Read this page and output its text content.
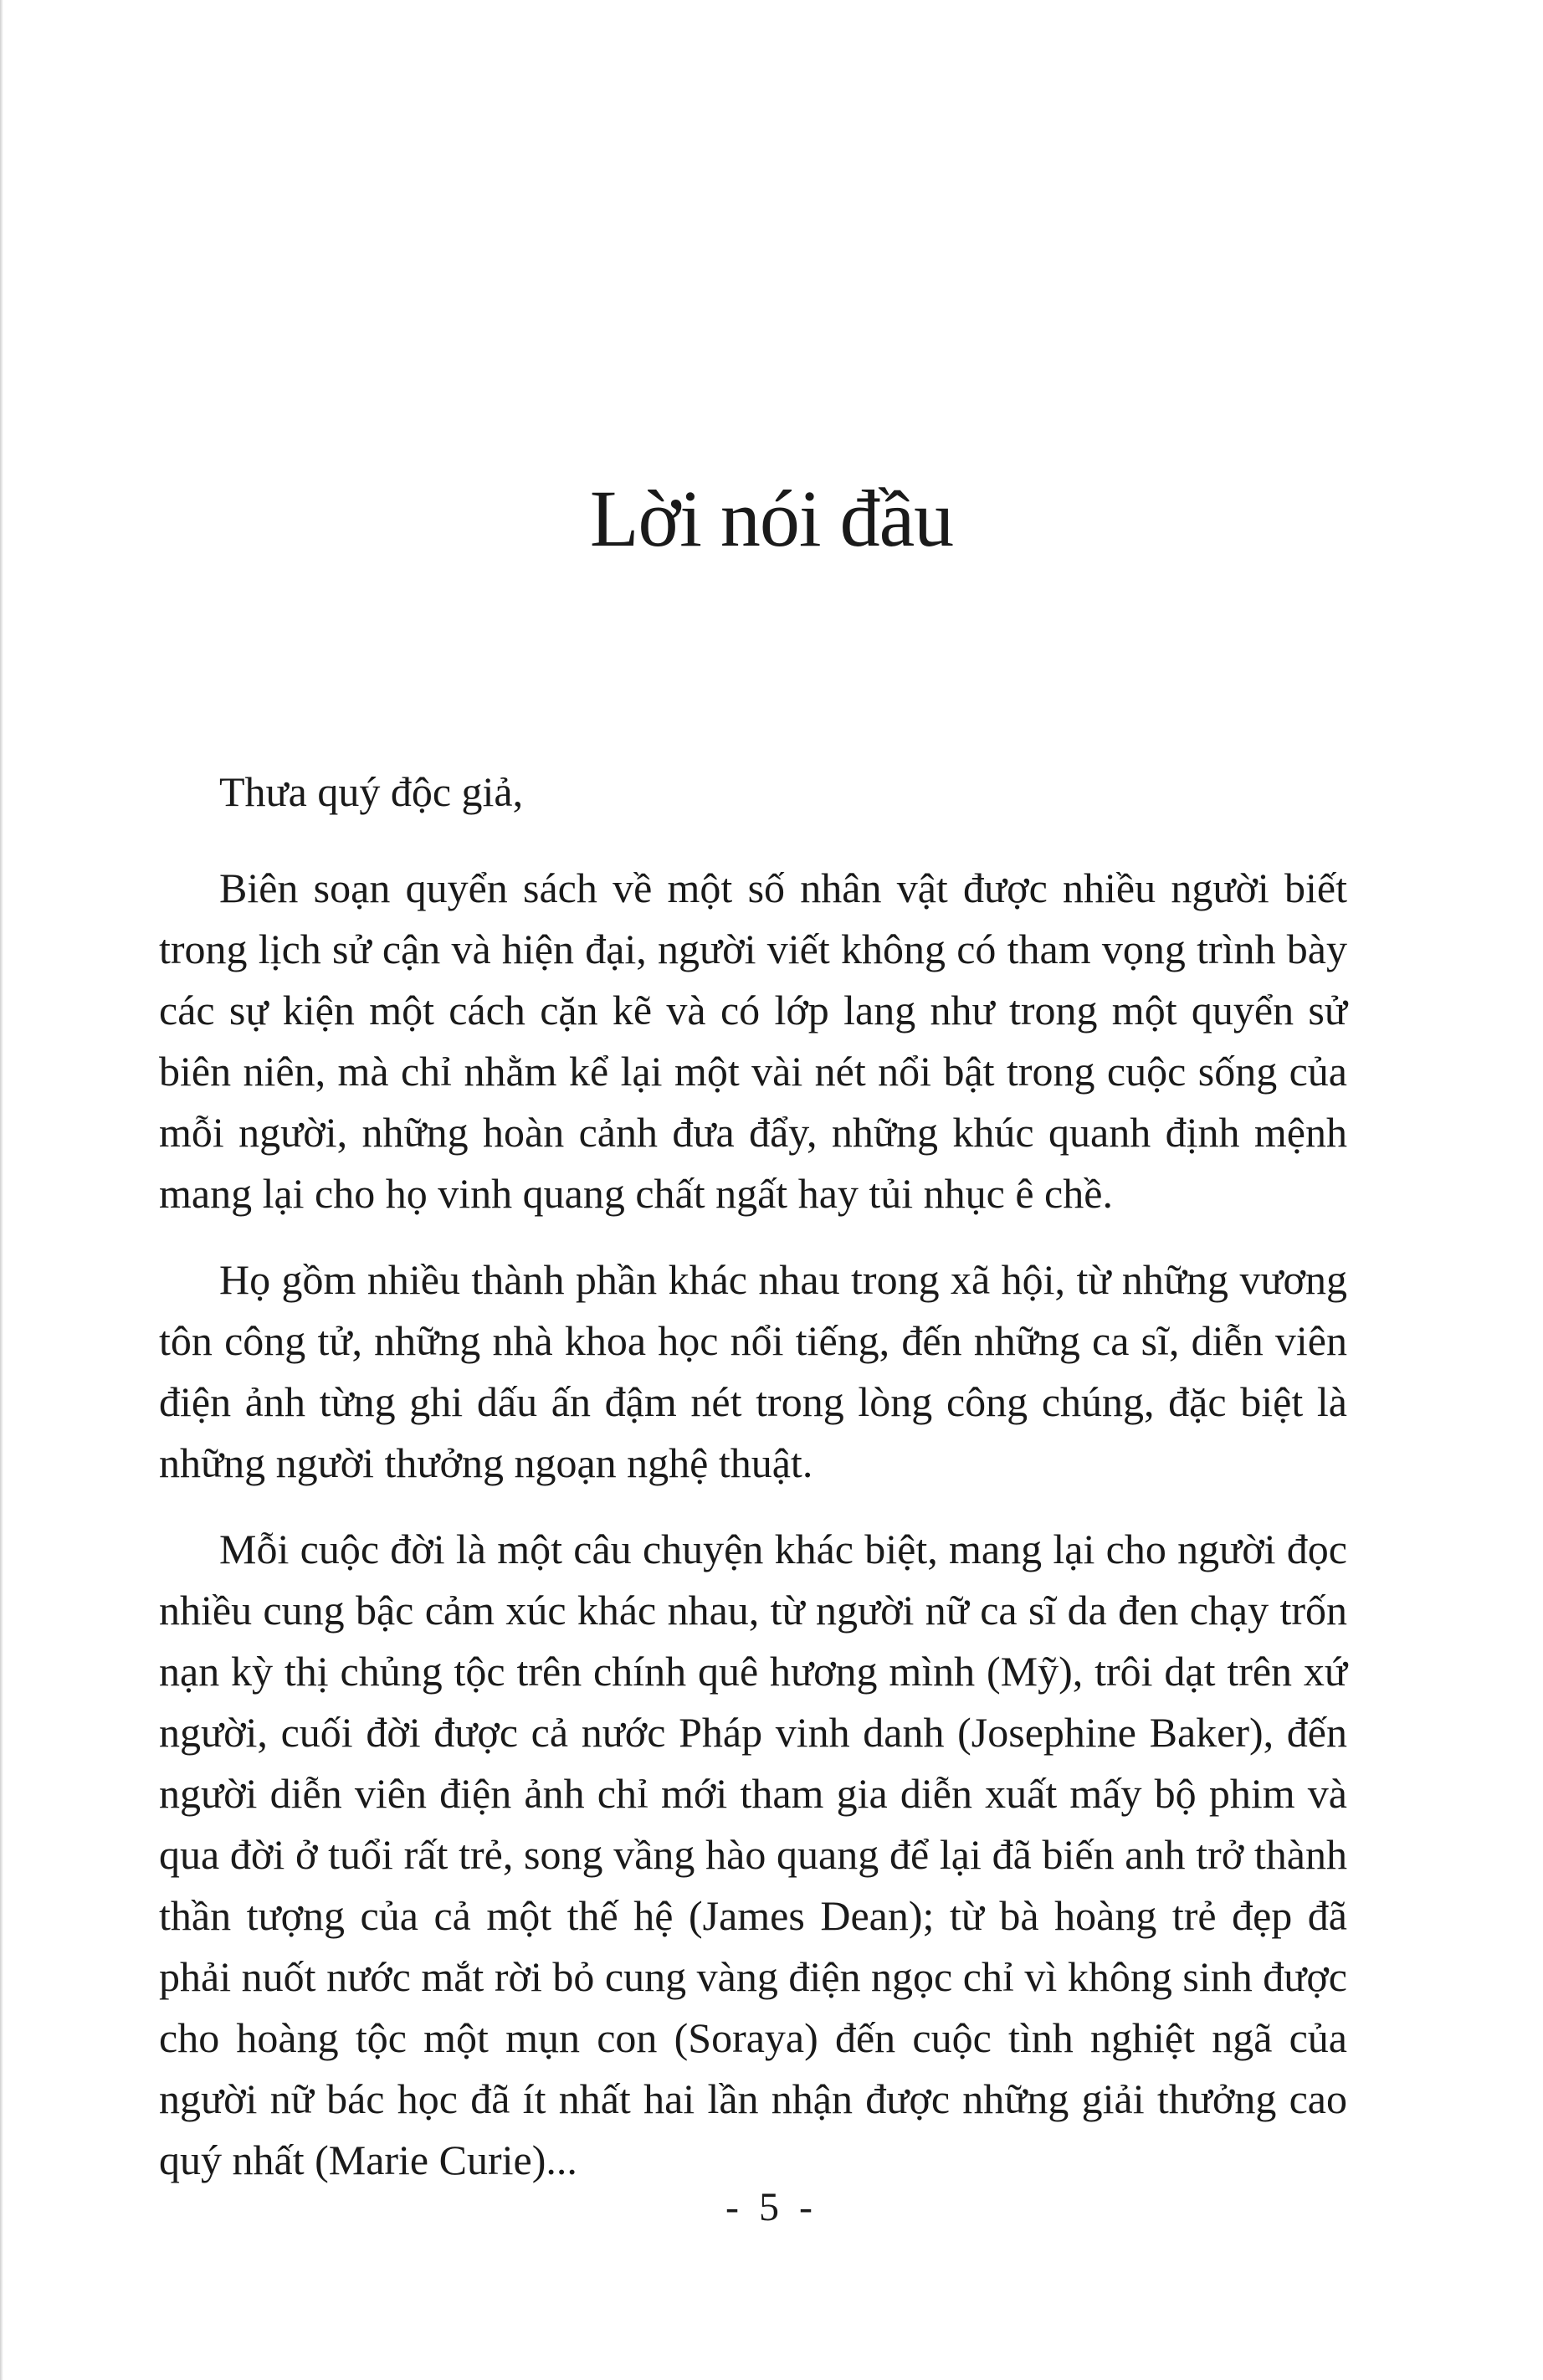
Lời nói đầu

Thưa quý độc giả,

Biên soạn quyển sách về một số nhân vật được nhiều người biết trong lịch sử cận và hiện đại, người viết không có tham vọng trình bày các sự kiện một cách cặn kẽ và có lớp lang như trong một quyển sử biên niên, mà chỉ nhằm kể lại một vài nét nổi bật trong cuộc sống của mỗi người, những hoàn cảnh đưa đẩy, những khúc quanh định mệnh mang lại cho họ vinh quang chất ngất hay tủi nhục ê chề.

Họ gồm nhiều thành phần khác nhau trong xã hội, từ những vương tôn công tử, những nhà khoa học nổi tiếng, đến những ca sĩ, diễn viên điện ảnh từng ghi dấu ấn đậm nét trong lòng công chúng, đặc biệt là những người thưởng ngoạn nghệ thuật.

Mỗi cuộc đời là một câu chuyện khác biệt, mang lại cho người đọc nhiều cung bậc cảm xúc khác nhau, từ người nữ ca sĩ da đen chạy trốn nạn kỳ thị chủng tộc trên chính quê hương mình (Mỹ), trôi dạt trên xứ người, cuối đời được cả nước Pháp vinh danh (Josephine Baker), đến người diễn viên điện ảnh chỉ mới tham gia diễn xuất mấy bộ phim và qua đời ở tuổi rất trẻ, song vầng hào quang để lại đã biến anh trở thành thần tượng của cả một thế hệ (James Dean); từ bà hoàng trẻ đẹp đã phải nuốt nước mắt rời bỏ cung vàng điện ngọc chỉ vì không sinh được cho hoàng tộc một mụn con (Soraya) đến cuộc tình nghiệt ngã của người nữ bác học đã ít nhất hai lần nhận được những giải thưởng cao quý nhất (Marie Curie)...

- 5 -
